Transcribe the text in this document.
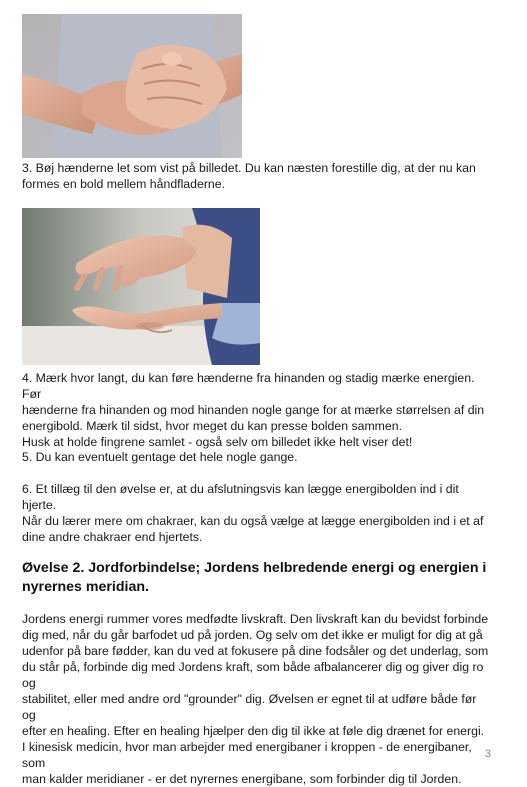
3. Bøj hænderne let som vist på billedet. Du kan næsten forestille dig, at der nu kan
formes en bold mellem håndfladerne.

4. Mærk hvor langt, du kan føre hænderne fra hinanden og stadig mærke energien. Før
hænderne fra hinanden og mod hinanden nogle gange for at mærke størrelsen af din
energibold. Mærk til sidst, hvor meget du kan presse bolden sammen.
Husk at holde fingrene samlet - også selv om billedet ikke helt viser det!

5. Du kan eventuelt gentage det hele nogle gange.

6. Et tillæg til den øvelse er, at du afslutningsvis kan lægge energibolden ind i dit hjerte.
Når du lærer mere om chakraer, kan du også vælge at lægge energibolden ind i et af
dine andre chakraer end hjertets.

Øvelse 2. Jordforbindelse; Jordens helbredende energi og energien i
nyrernes meridian.

Jordens energi rummer vores medfødte livskraft. Den livskraft kan du bevidst forbinde
dig med, når du går barfodet ud på jorden. Og selv om det ikke er muligt for dig at gå
udenfor på bare fødder, kan du ved at fokusere på dine fodsåler og det underlag, som
du står på, forbinde dig med Jordens kraft, som både afbalancerer dig og giver dig ro og
stabilitet, eller med andre ord "grounder" dig. Øvelsen er egnet til at udføre både før og
efter en healing. Efter en healing hjælper den dig til ikke at føle dig drænet for energi.
I kinesisk medicin, hvor man arbejder med energibaner i kroppen - de energibaner, som
man kalder meridianer - er det nyrernes energibane, som forbinder dig til Jorden.

3
